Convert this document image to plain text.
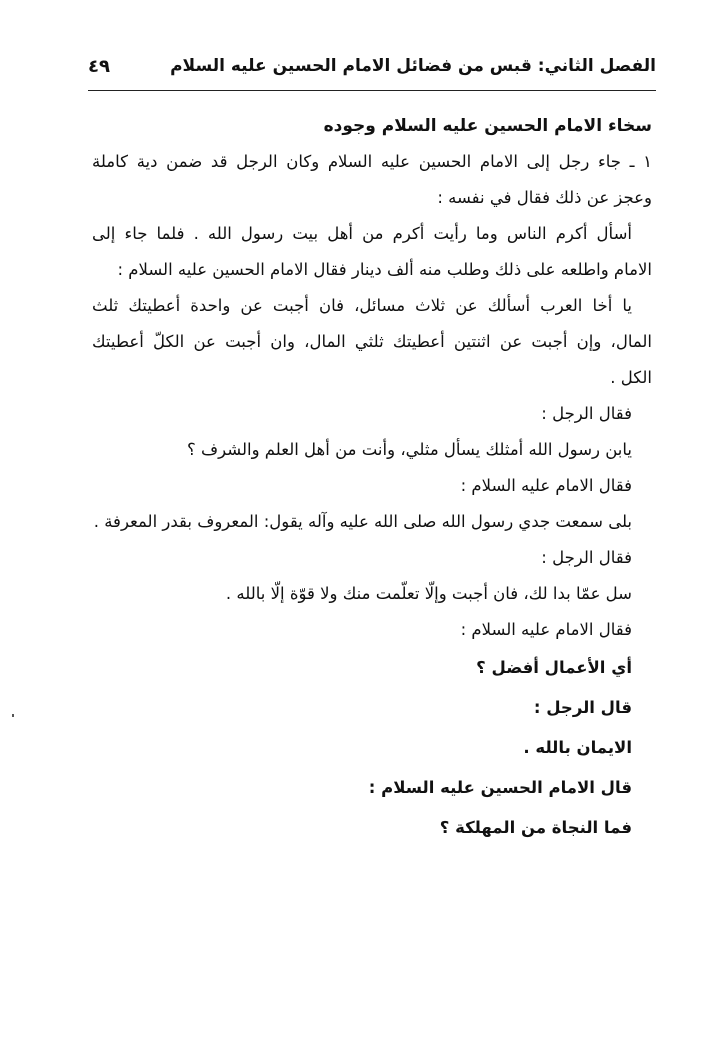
الفصل الثاني: قبس من فضائل الامام الحسين عليه السلام
٤٩
سخاء الامام الحسين عليه السلام وجوده
١ ـ جاء رجل إلى الامام الحسين عليه السلام وكان الرجل قد ضمن دية كاملة
وعجز عن ذلك فقال في نفسه :
أسأل أكرم الناس وما رأيت أكرم من أهل بيت رسول الله . فلما جاء إلى
الامام واطلعه على ذلك وطلب منه ألف دينار فقال الامام الحسين عليه السلام :
يا أخا العرب أسألك عن ثلاث مسائل، فان أجبت عن واحدة أعطيتك ثلث
المال، وإن أجبت عن اثنتين أعطيتك ثلثي المال، وان أجبت عن الكلّ أعطيتك
الكل .
فقال الرجل :
يابن رسول الله أمثلك يسأل مثلي، وأنت من أهل العلم والشرف ؟
فقال الامام عليه السلام :
بلى سمعت جدي رسول الله صلى الله عليه وآله يقول: المعروف بقدر المعرفة .
فقال الرجل :
سل عمّا بدا لك، فان أجبت وإلّا تعلّمت منك ولا قوّة إلّا بالله .
فقال الامام عليه السلام :
أي الأعمال أفضل ؟
قال الرجل :
الايمان بالله .
قال الامام الحسين عليه السلام :
فما النجاة من المهلكة ؟
